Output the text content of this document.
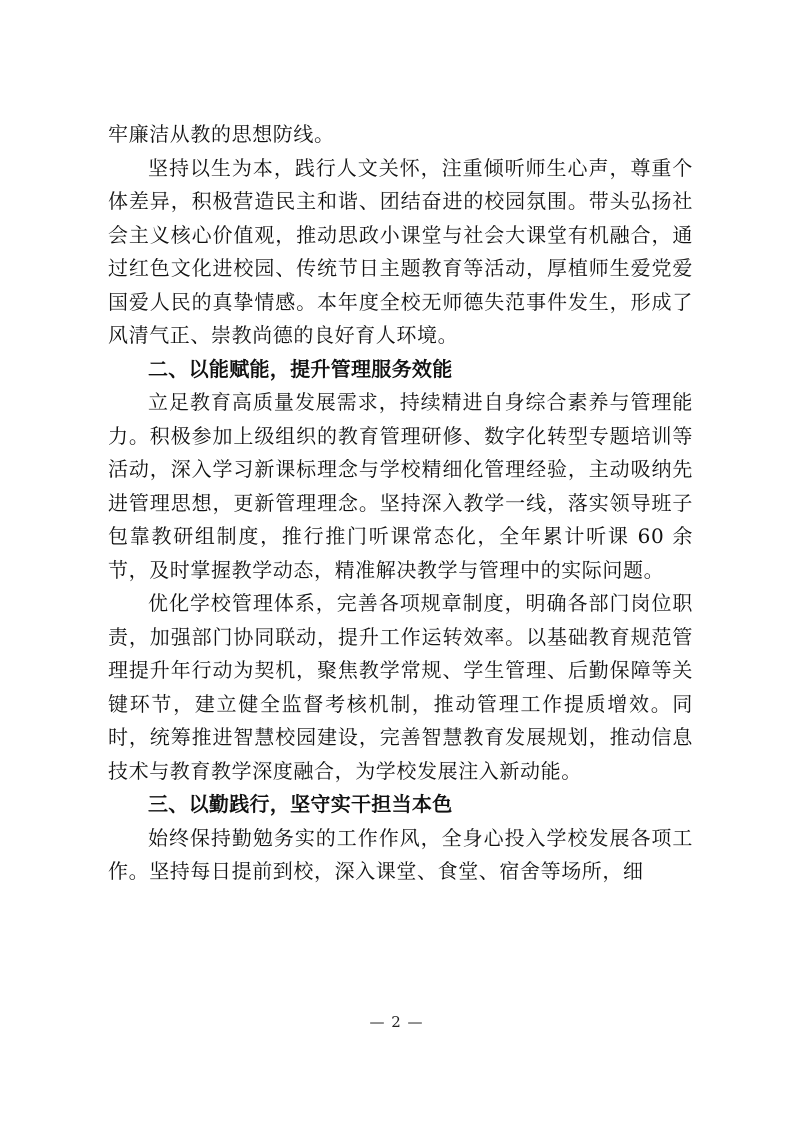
牢廉洁从教的思想防线。

坚持以生为本，践行人文关怀，注重倾听师生心声，尊重个体差异，积极营造民主和谐、团结奋进的校园氛围。带头弘扬社会主义核心价值观，推动思政小课堂与社会大课堂有机融合，通过红色文化进校园、传统节日主题教育等活动，厚植师生爱党爱国爱人民的真挚情感。本年度全校无师德失范事件发生，形成了风清气正、崇教尚德的良好育人环境。

二、以能赋能，提升管理服务效能

立足教育高质量发展需求，持续精进自身综合素养与管理能力。积极参加上级组织的教育管理研修、数字化转型专题培训等活动，深入学习新课标理念与学校精细化管理经验，主动吸纳先进管理思想，更新管理理念。坚持深入教学一线，落实领导班子包靠教研组制度，推行推门听课常态化，全年累计听课 60 余节，及时掌握教学动态，精准解决教学与管理中的实际问题。

优化学校管理体系，完善各项规章制度，明确各部门岗位职责，加强部门协同联动，提升工作运转效率。以基础教育规范管理提升年行动为契机，聚焦教学常规、学生管理、后勤保障等关键环节，建立健全监督考核机制，推动管理工作提质增效。同时，统筹推进智慧校园建设，完善智慧教育发展规划，推动信息技术与教育教学深度融合，为学校发展注入新动能。

三、以勤践行，坚守实干担当本色

始终保持勤勉务实的工作作风，全身心投入学校发展各项工作。坚持每日提前到校，深入课堂、食堂、宿舍等场所，细

— 2 —
